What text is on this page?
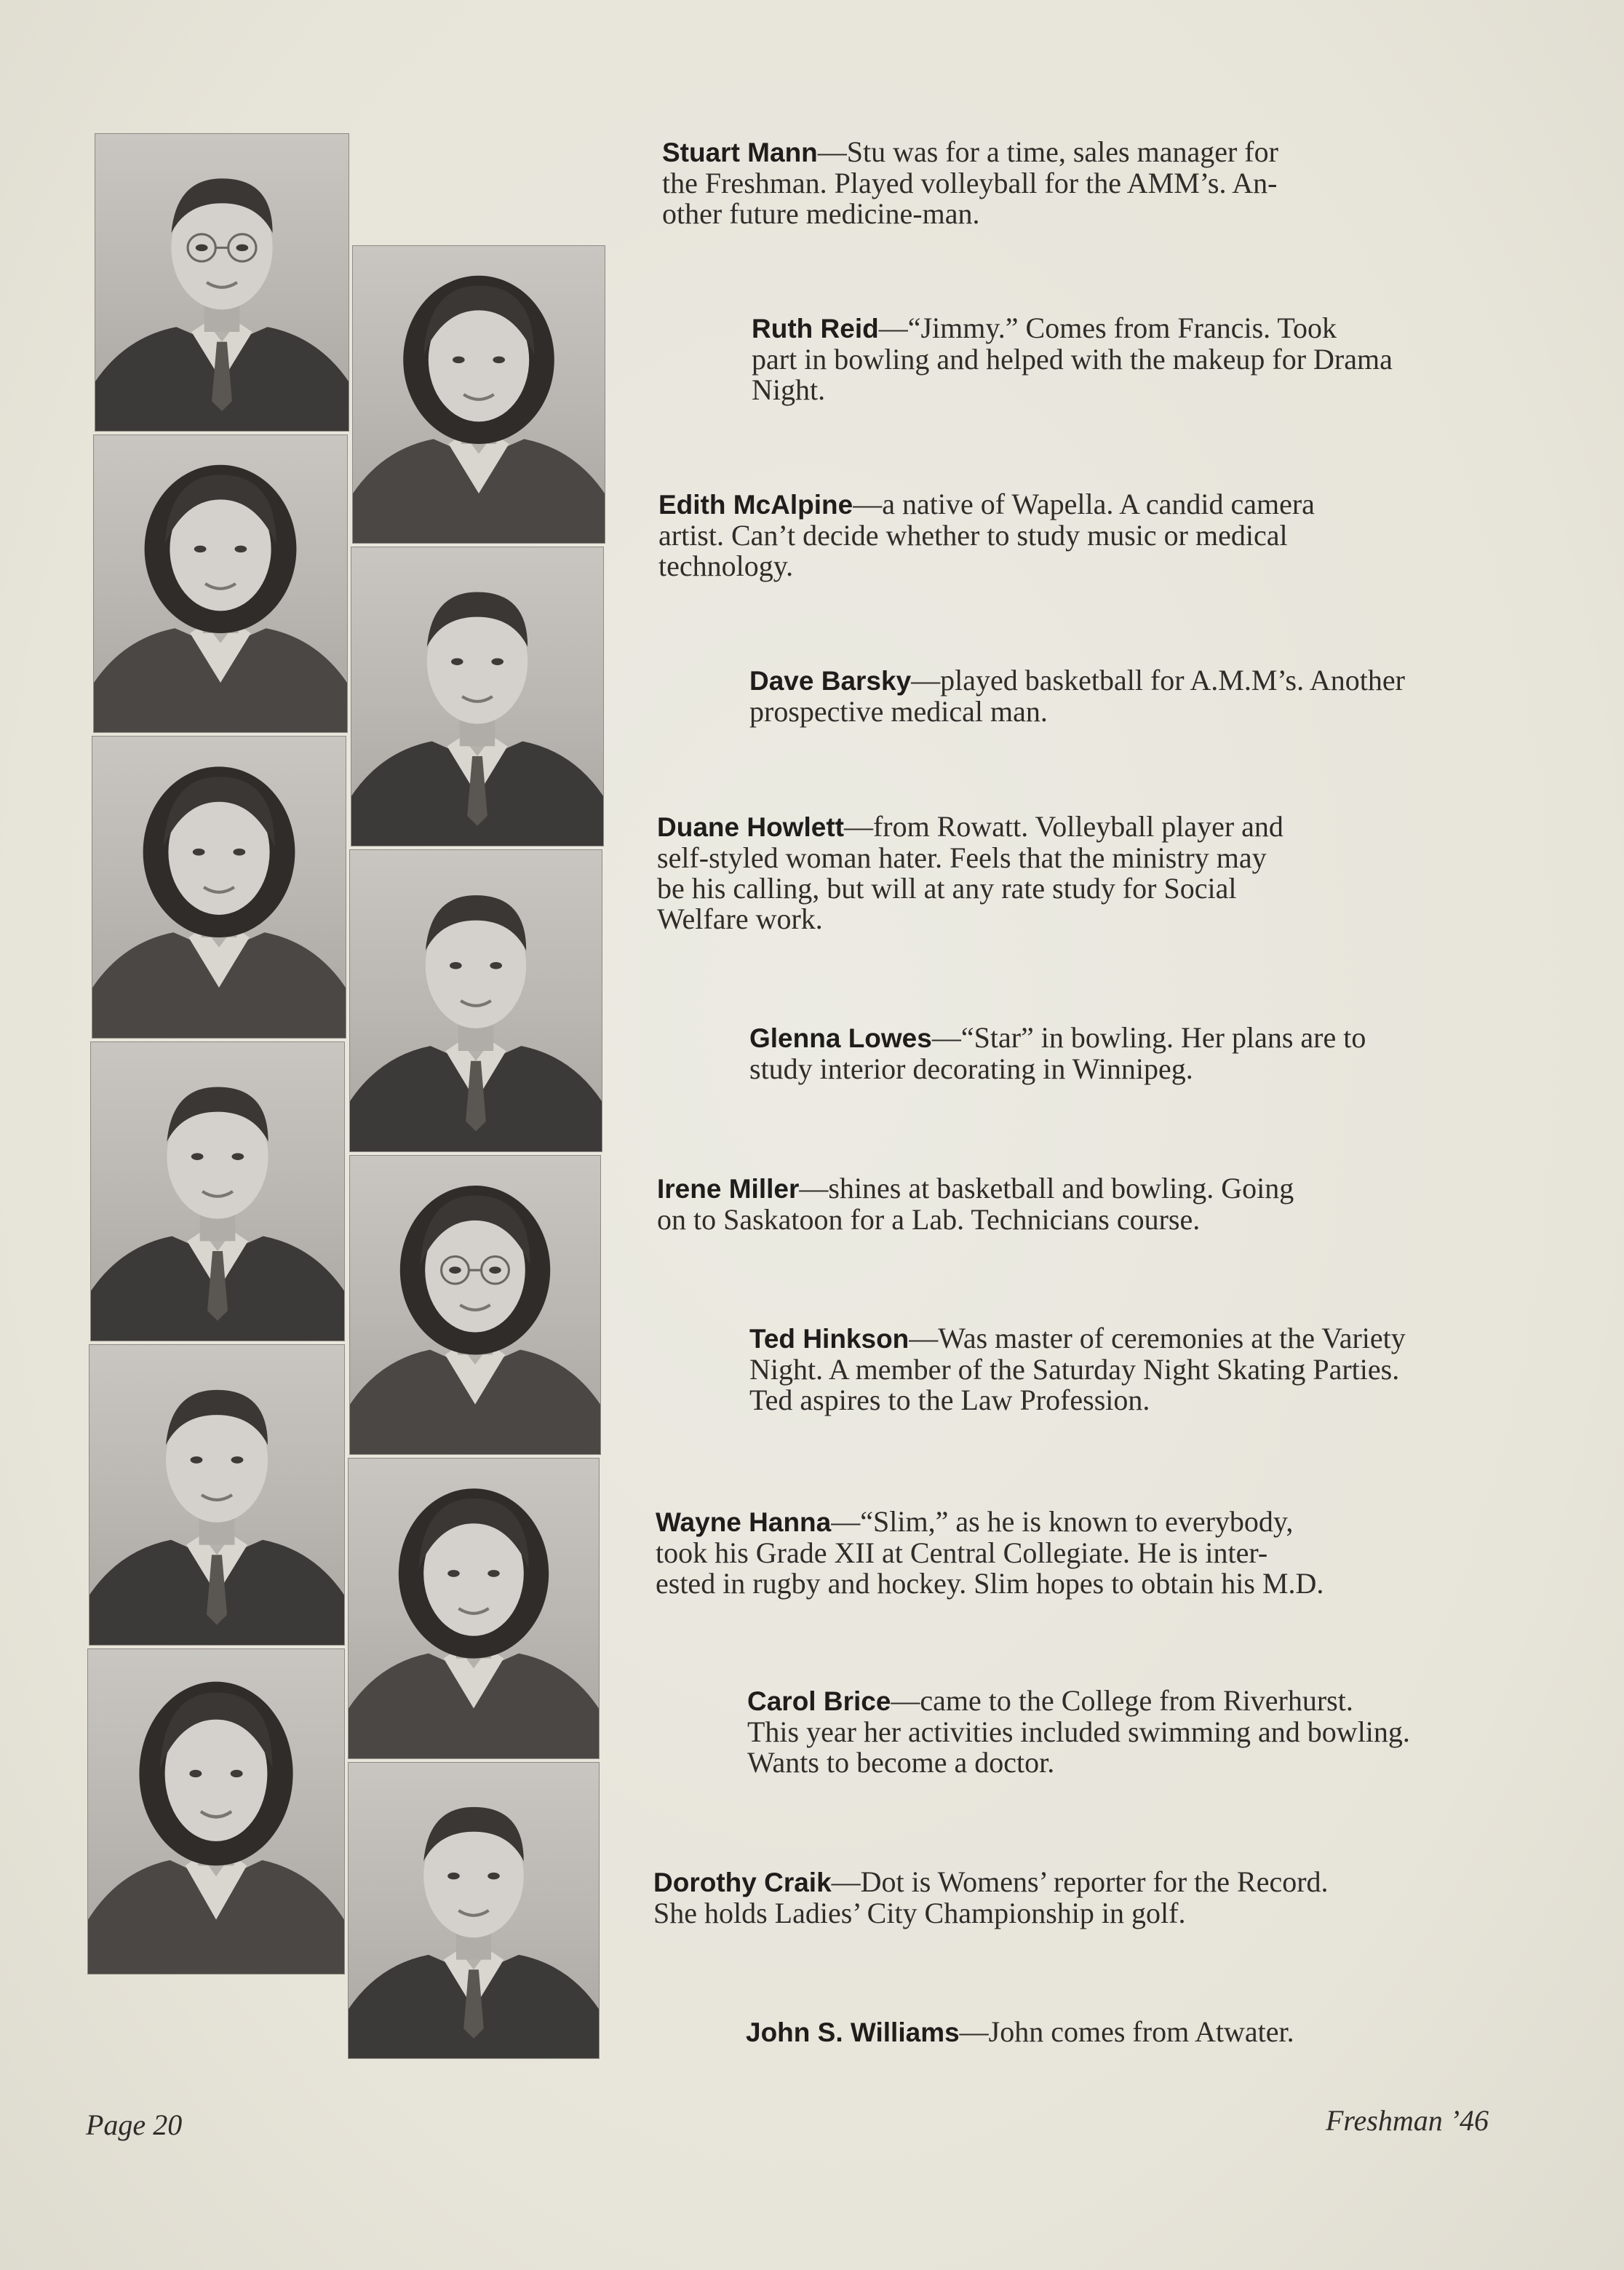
Stuart Mann—Stu was for a time, sales manager for
the Freshman. Played volleyball for the AMM’s. An-
other future medicine-man.
Ruth Reid—“Jimmy.” Comes from Francis. Took
part in bowling and helped with the makeup for Drama
Night.
Edith McAlpine—a native of Wapella. A candid camera
artist. Can’t decide whether to study music or medical
technology.
Dave Barsky—played basketball for A.M.M’s. Another
prospective medical man.
Duane Howlett—from Rowatt. Volleyball player and
self-styled woman hater. Feels that the ministry may
be his calling, but will at any rate study for Social
Welfare work.
Glenna Lowes—“Star” in bowling. Her plans are to
study interior decorating in Winnipeg.
Irene Miller—shines at basketball and bowling. Going
on to Saskatoon for a Lab. Technicians course.
Ted Hinkson—Was master of ceremonies at the Variety
Night. A member of the Saturday Night Skating Parties.
Ted aspires to the Law Profession.
Wayne Hanna—“Slim,” as he is known to everybody,
took his Grade XII at Central Collegiate. He is inter-
ested in rugby and hockey. Slim hopes to obtain his M.D.
Carol Brice—came to the College from Riverhurst.
This year her activities included swimming and bowling.
Wants to become a doctor.
Dorothy Craik—Dot is Womens’ reporter for the Record.
She holds Ladies’ City Championship in golf.
John S. Williams—John comes from Atwater.
Page 20	Freshman ’46
